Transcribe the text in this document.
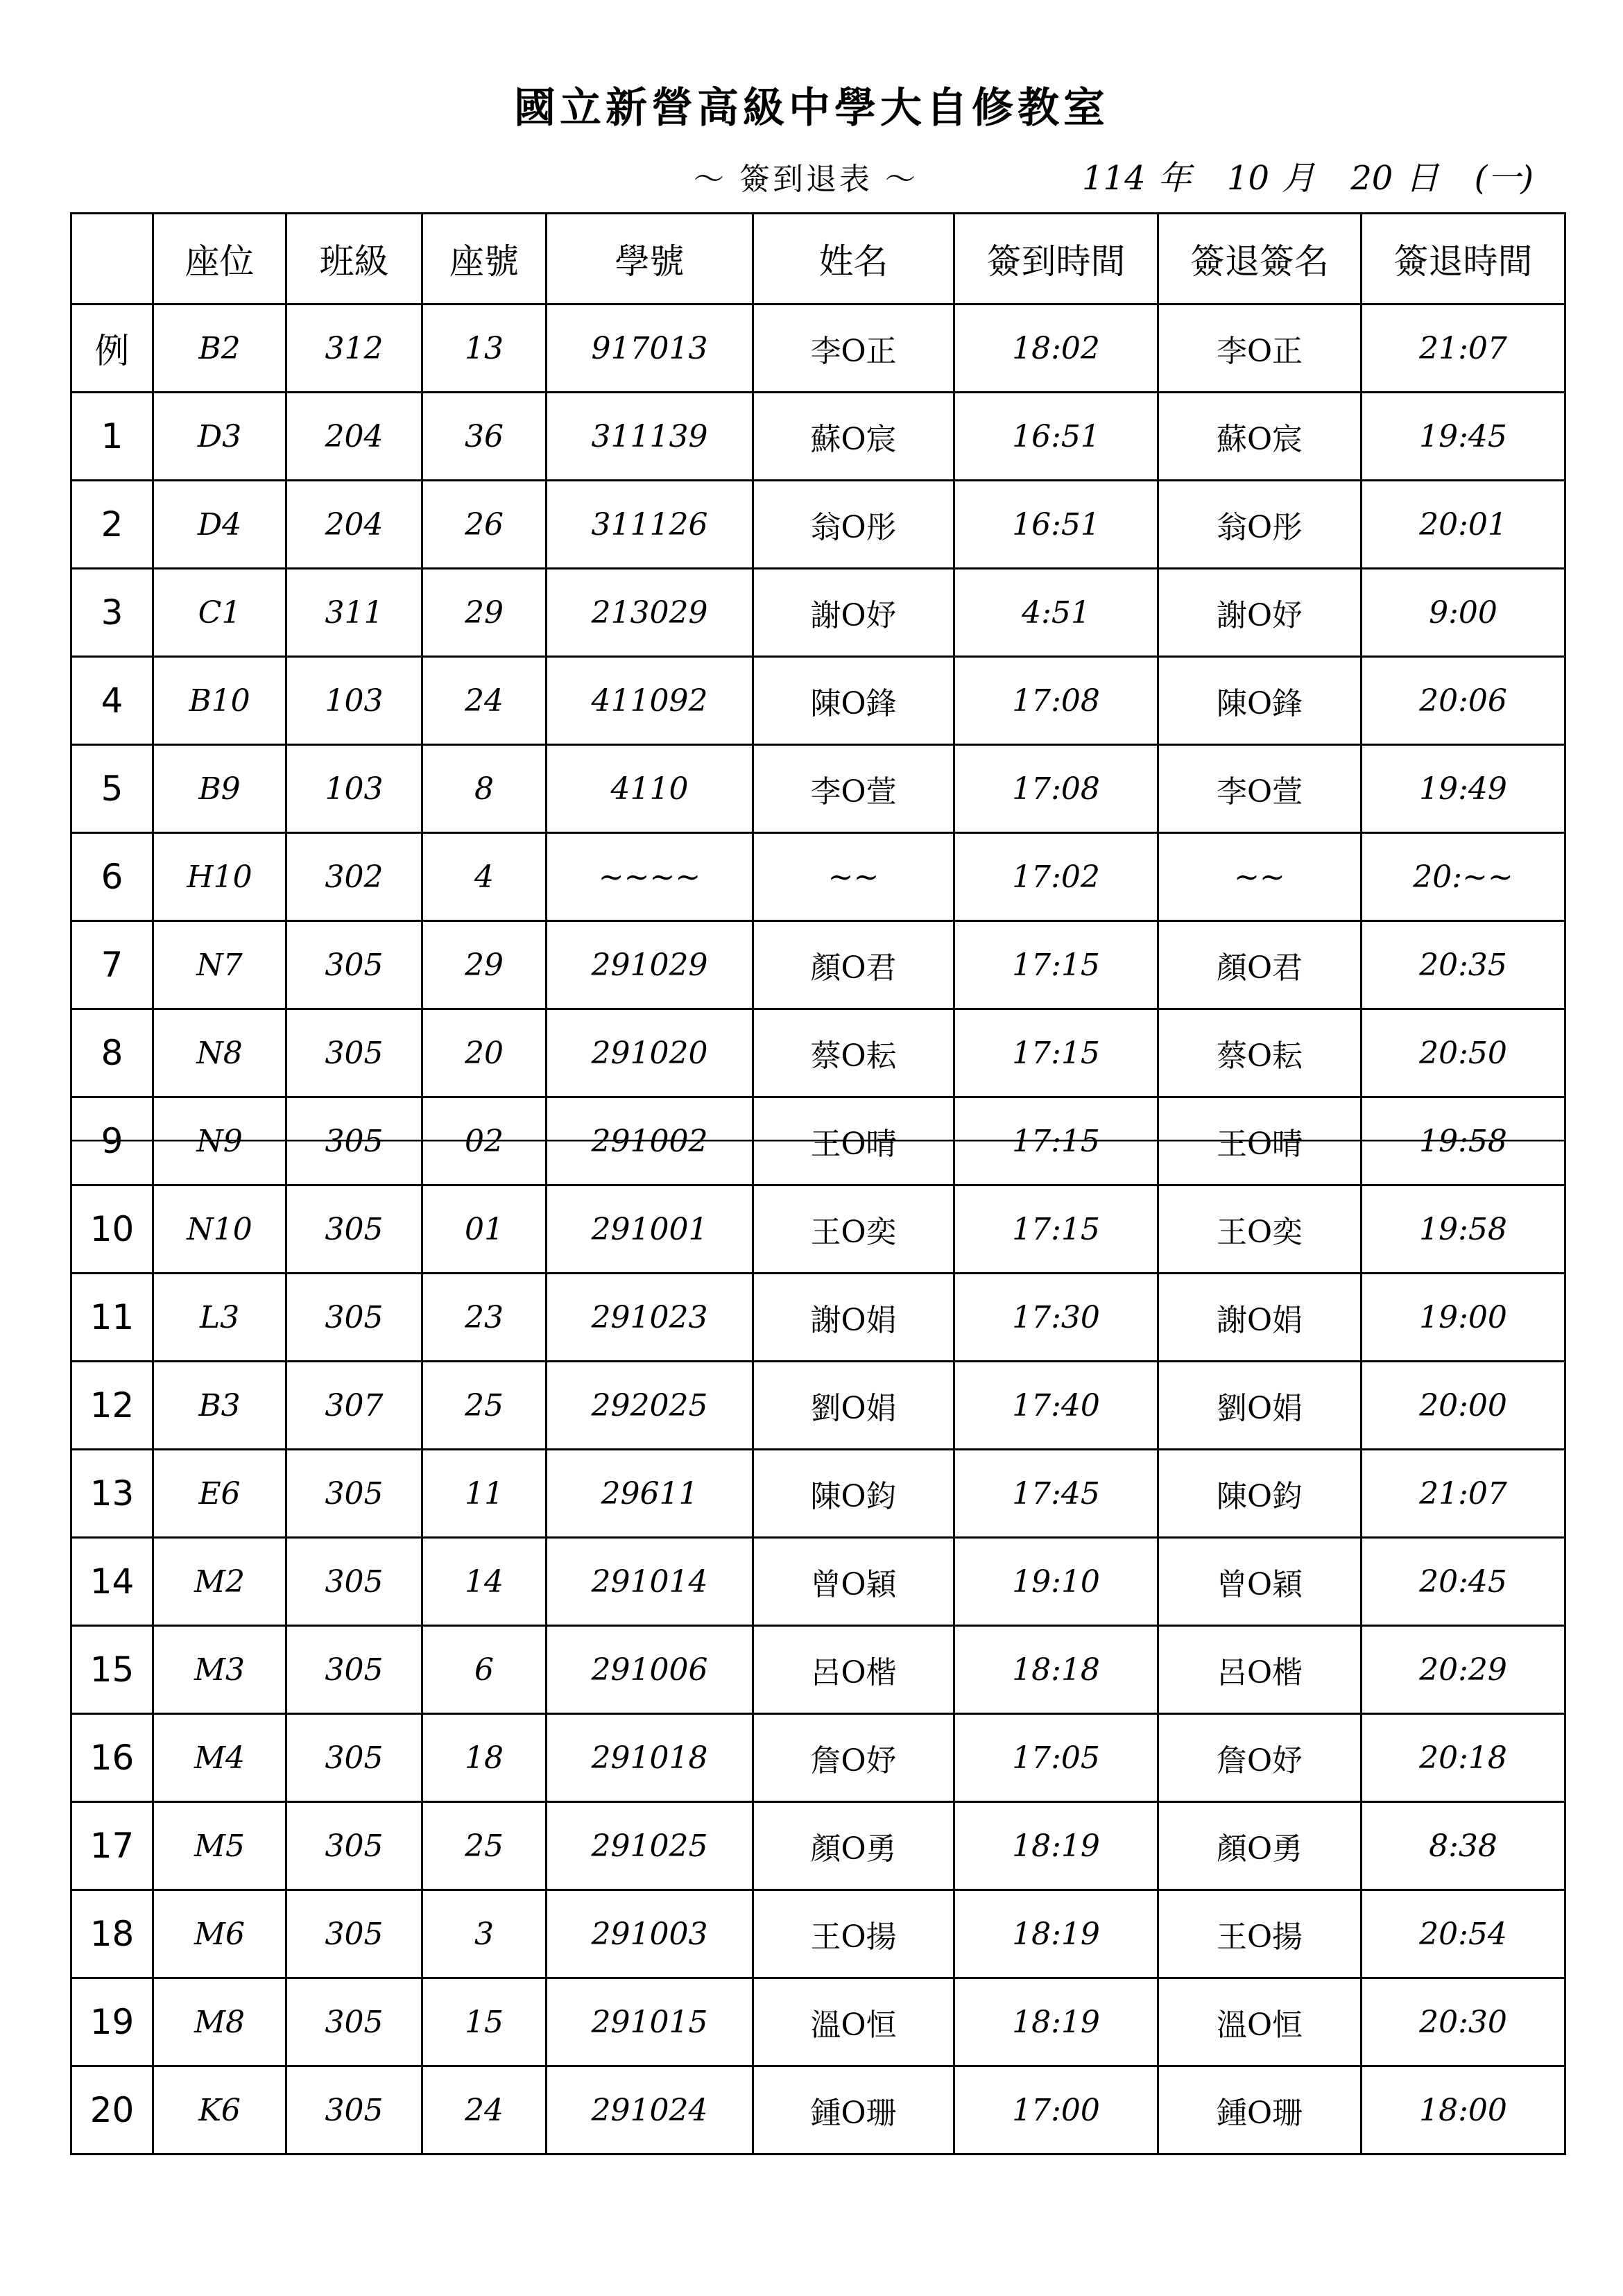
國立新營高級中學大自修教室
～ 簽到退表 ～	114 年 10 月 20 日 (一)
	座位	班級	座號	學號	姓名	簽到時間	簽退簽名	簽退時間
例	B2	312	13	917013	李O正	18:02	李O正	21:07
1	D3	204	36	311139	蘇O宸	16:51	蘇O宸	19:45
2	D4	204	26	311126	翁O彤	16:51	翁O彤	20:01
3	C1	311	29	213029	謝O妤	4:51	謝O妤	9:00
4	B10	103	24	411092	陳O鋒	17:08	陳O鋒	20:06
5	B9	103	8	4110	李O萱	17:08	李O萱	19:49
6	H10	302	4	~~~~	~~	17:02	~~	20:~~
7	N7	305	29	291029	顏O君	17:15	顏O君	20:35
8	N8	305	20	291020	蔡O耘	17:15	蔡O耘	20:50
9	N9	305	02	291002	王O晴	17:15	王O晴	19:58
10	N10	305	01	291001	王O奕	17:15	王O奕	19:58
11	L3	305	23	291023	謝O娟	17:30	謝O娟	19:00
12	B3	307	25	292025	劉O娟	17:40	劉O娟	20:00
13	E6	305	11	29611	陳O鈞	17:45	陳O鈞	21:07
14	M2	305	14	291014	曾O穎	19:10	曾O穎	20:45
15	M3	305	6	291006	呂O楷	18:18	呂O楷	20:29
16	M4	305	18	291018	詹O妤	17:05	詹O妤	20:18
17	M5	305	25	291025	顏O勇	18:19	顏O勇	8:38
18	M6	305	3	291003	王O揚	18:19	王O揚	20:54
19	M8	305	15	291015	溫O恒	18:19	溫O恒	20:30
20	K6	305	24	291024	鍾O珊	17:00	鍾O珊	18:00
